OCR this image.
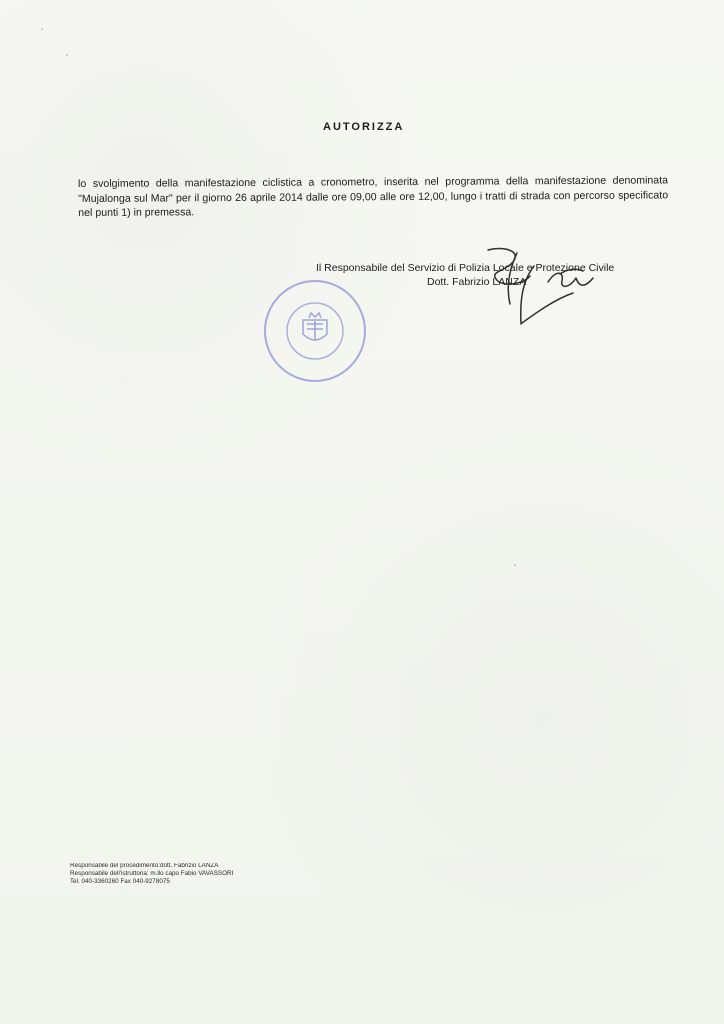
AUTORIZZA
lo svolgimento della manifestazione ciclistica a cronometro, inserita nel programma della manifestazione denominata "Mujalonga sul Mar" per il giorno 26 aprile 2014 dalle ore 09,00 alle ore 12,00, lungo i tratti di strada con percorso specificato nel punti 1) in premessa.
Il Responsabile del Servizio di Polizia Locale e Protezione Civile
Dott. Fabrizio LANZA
Responsabile del procedimento:dott. Fabrizio LANZA
Responsabile dell'istruttoria: m.llo capo Fabio VAVASSORI
Tel. 040-3360260 Fax 040-9278075
